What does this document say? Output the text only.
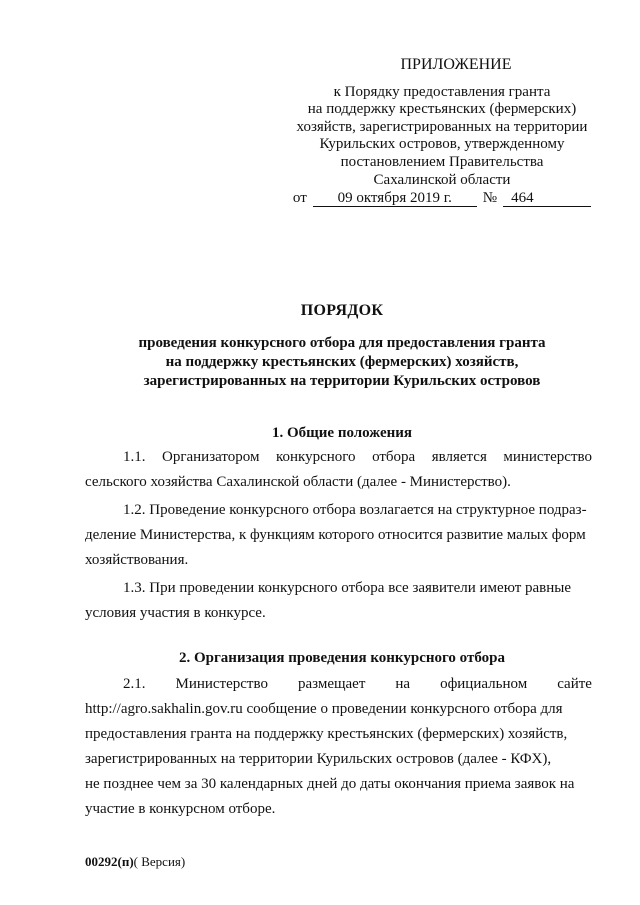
ПРИЛОЖЕНИЕ
к Порядку предоставления гранта
на поддержку крестьянских (фермерских)
хозяйств, зарегистрированных на территории
Курильских островов, утвержденному
постановлением Правительства
Сахалинской области
от	09 октября 2019 г.	№ 464
ПОРЯДОК
проведения конкурсного отбора для предоставления гранта
на поддержку крестьянских (фермерских) хозяйств,
зарегистрированных на территории Курильских островов
1. Общие положения
1.1. Организатором конкурсного отбора является министерство
сельского хозяйства Сахалинской области (далее - Министерство).
1.2. Проведение конкурсного отбора возлагается на структурное подраз-
деление Министерства, к функциям которого относится развитие малых форм
хозяйствования.
1.3. При проведении конкурсного отбора все заявители имеют равные
условия участия в конкурсе.
2. Организация проведения конкурсного отбора
2.1. Министерство размещает на официальном сайте
http://agro.sakhalin.gov.ru сообщение о проведении конкурсного отбора для
предоставления гранта на поддержку крестьянских (фермерских) хозяйств,
зарегистрированных на территории Курильских островов (далее - КФХ),
не позднее чем за 30 календарных дней до даты окончания приема заявок на
участие в конкурсном отборе.
00292(п)( Версия)
